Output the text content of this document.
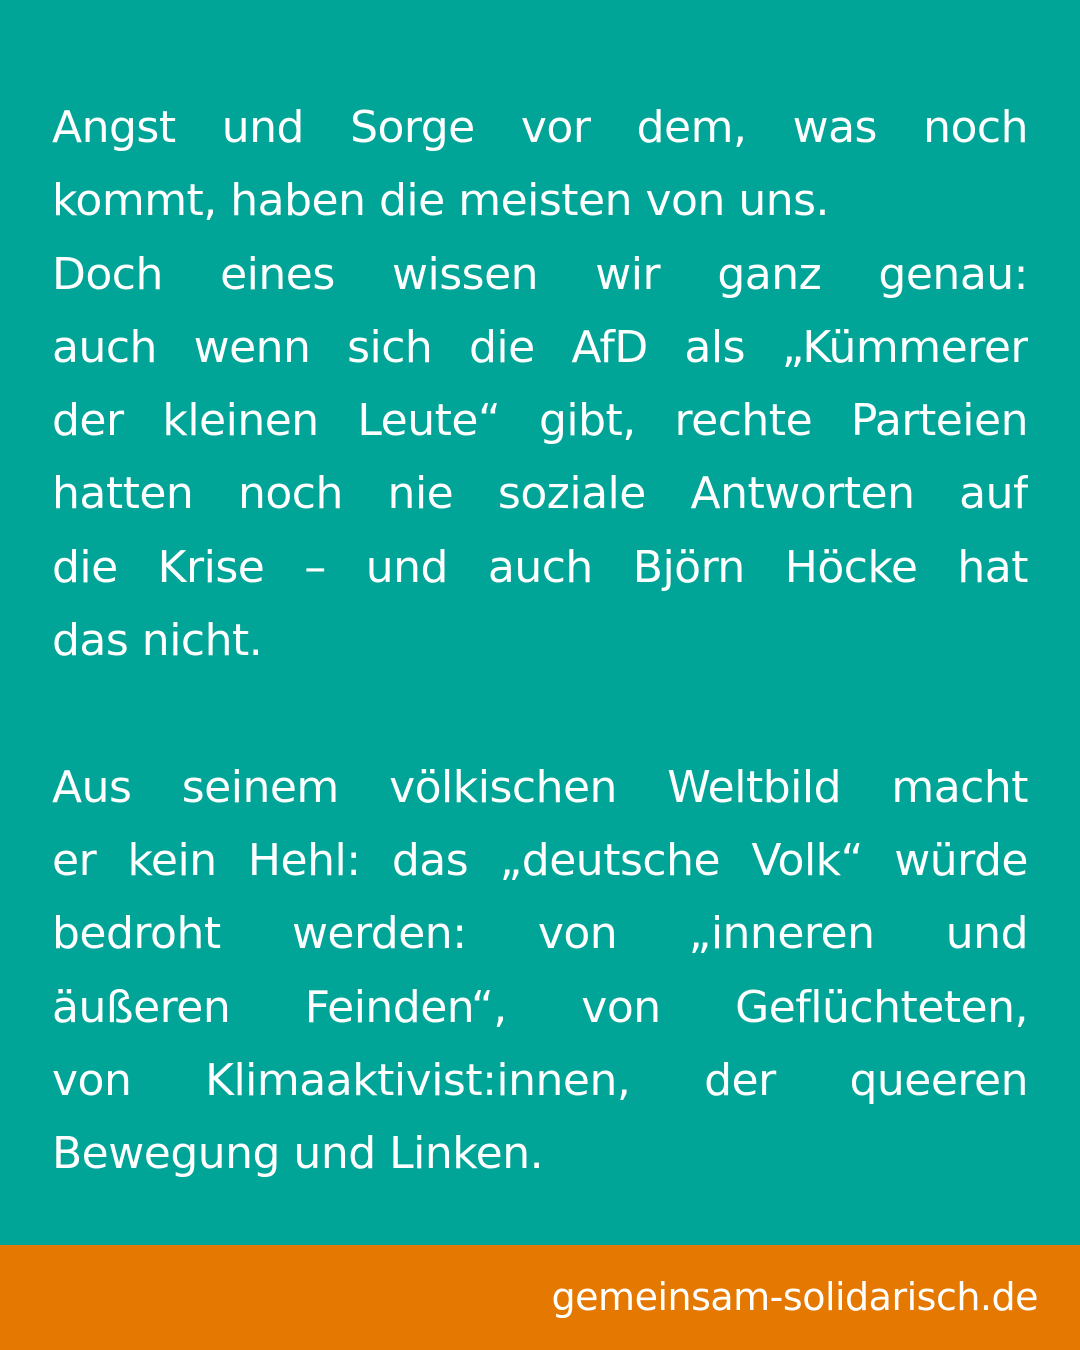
Angst und Sorge vor dem, was noch
kommt, haben die meisten von uns.
Doch eines wissen wir ganz genau:
auch wenn sich die AfD als „Kümmerer
der kleinen Leute“ gibt, rechte Parteien
hatten noch nie soziale Antworten auf
die Krise – und auch Björn Höcke hat
das nicht.
Aus seinem völkischen Weltbild macht
er kein Hehl: das „deutsche Volk“ würde
bedroht werden: von „inneren und
äußeren Feinden“, von Geflüchteten,
von Klimaaktivist:innen, der queeren
Bewegung und Linken.
gemeinsam-solidarisch.de
